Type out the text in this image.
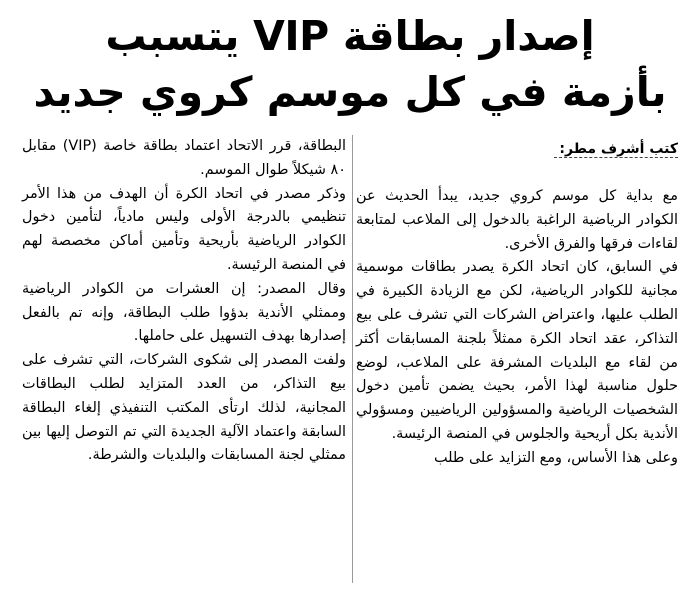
إصدار بطاقة VIP يتسبب
بأزمة في كل موسم كروي جديد

كتب أشرف مطر:

مع بداية كل موسم كروي جديد، يبدأ الحديث عن الكوادر الرياضية الراغبة بالدخول إلى الملاعب لمتابعة لقاءات فرقها والفرق الأخرى.

في السابق، كان اتحاد الكرة يصدر بطاقات موسمية مجانية للكوادر الرياضية، لكن مع الزيادة الكبيرة في الطلب عليها، واعتراض الشركات التي تشرف على بيع التذاكر، عقد اتحاد الكرة ممثلاً بلجنة المسابقات أكثر من لقاء مع البلديات المشرفة على الملاعب، لوضع حلول مناسبة لهذا الأمر، بحيث يضمن تأمين دخول الشخصيات الرياضية والمسؤولين الرياضيين ومسؤولي الأندية بكل أريحية والجلوس في المنصة الرئيسة.

وعلى هذا الأساس، ومع التزايد على طلب

البطاقة، قرر الاتحاد اعتماد بطاقة خاصة (VIP) مقابل ٨٠ شيكلاً طوال الموسم.

وذكر مصدر في اتحاد الكرة أن الهدف من هذا الأمر تنظيمي بالدرجة الأولى وليس مادياً، لتأمين دخول الكوادر الرياضية بأريحية وتأمين أماكن مخصصة لهم في المنصة الرئيسة.

وقال المصدر: إن العشرات من الكوادر الرياضية وممثلي الأندية بدؤوا طلب البطاقة، وإنه تم بالفعل إصدارها بهدف التسهيل على حاملها.

ولفت المصدر إلى شكوى الشركات، التي تشرف على بيع التذاكر، من العدد المتزايد لطلب البطاقات المجانية، لذلك ارتأى المكتب التنفيذي إلغاء البطاقة السابقة واعتماد الآلية الجديدة التي تم التوصل إليها بين ممثلي لجنة المسابقات والبلديات والشرطة.
